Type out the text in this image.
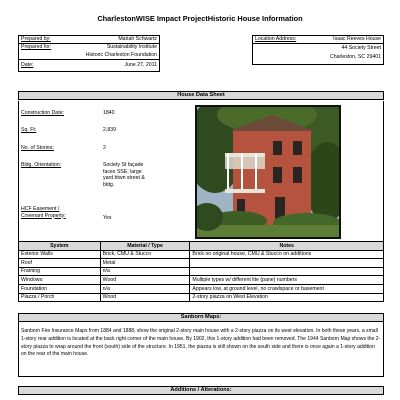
CharlestonWISE Impact ProjectHistoric House Information
Prepared by:	Mariah Schwartz
Prepared for:	Sustainability Institute
Historic Charleston Foundation
Date:	June 27, 2011
Location Address:	Isaac Reeves House
44 Society Street
Charleston, SC 29401
House Data Sheet
Construction Date:	1840
Sq. Ft:	2,839
No. of Stories:	2
Bldg. Orientation:	Society St façade faces SSE; large yard btwn street & bldg.
HCF Easement / Covenant Property:	Yes
System	Material / Type	Notes
Exterior Walls	Brick, CMU & Stucco	Brick on original house, CMU & Stucco on additions
Roof	Metal	
Framing	n/a	
Windows:	Wood	Multiple types w/ different lite (pane) numbers
Foundation	n/a	Appears low, at ground level, no crawlspace or basement
Piazza / Porch	Wood	2-story piazza on West Elevation
Sanborn Maps:
Sanborn Fire Insurance Maps from 1884 and 1888, show the original 2-story main house with a 2-story piazza on its west elevation. In both these years, a small 1-story rear addition is located at the back right corner of the main house. By 1902, this 1-story addition had been removed. The 1944 Sanborn Map shows the 2-story piazza to wrap around the front (south) side of the structure. In 1951, the piazza is still shown on the south side and there is once again a 1-story addition on the rear of the main house.
Additions / Alterations:
